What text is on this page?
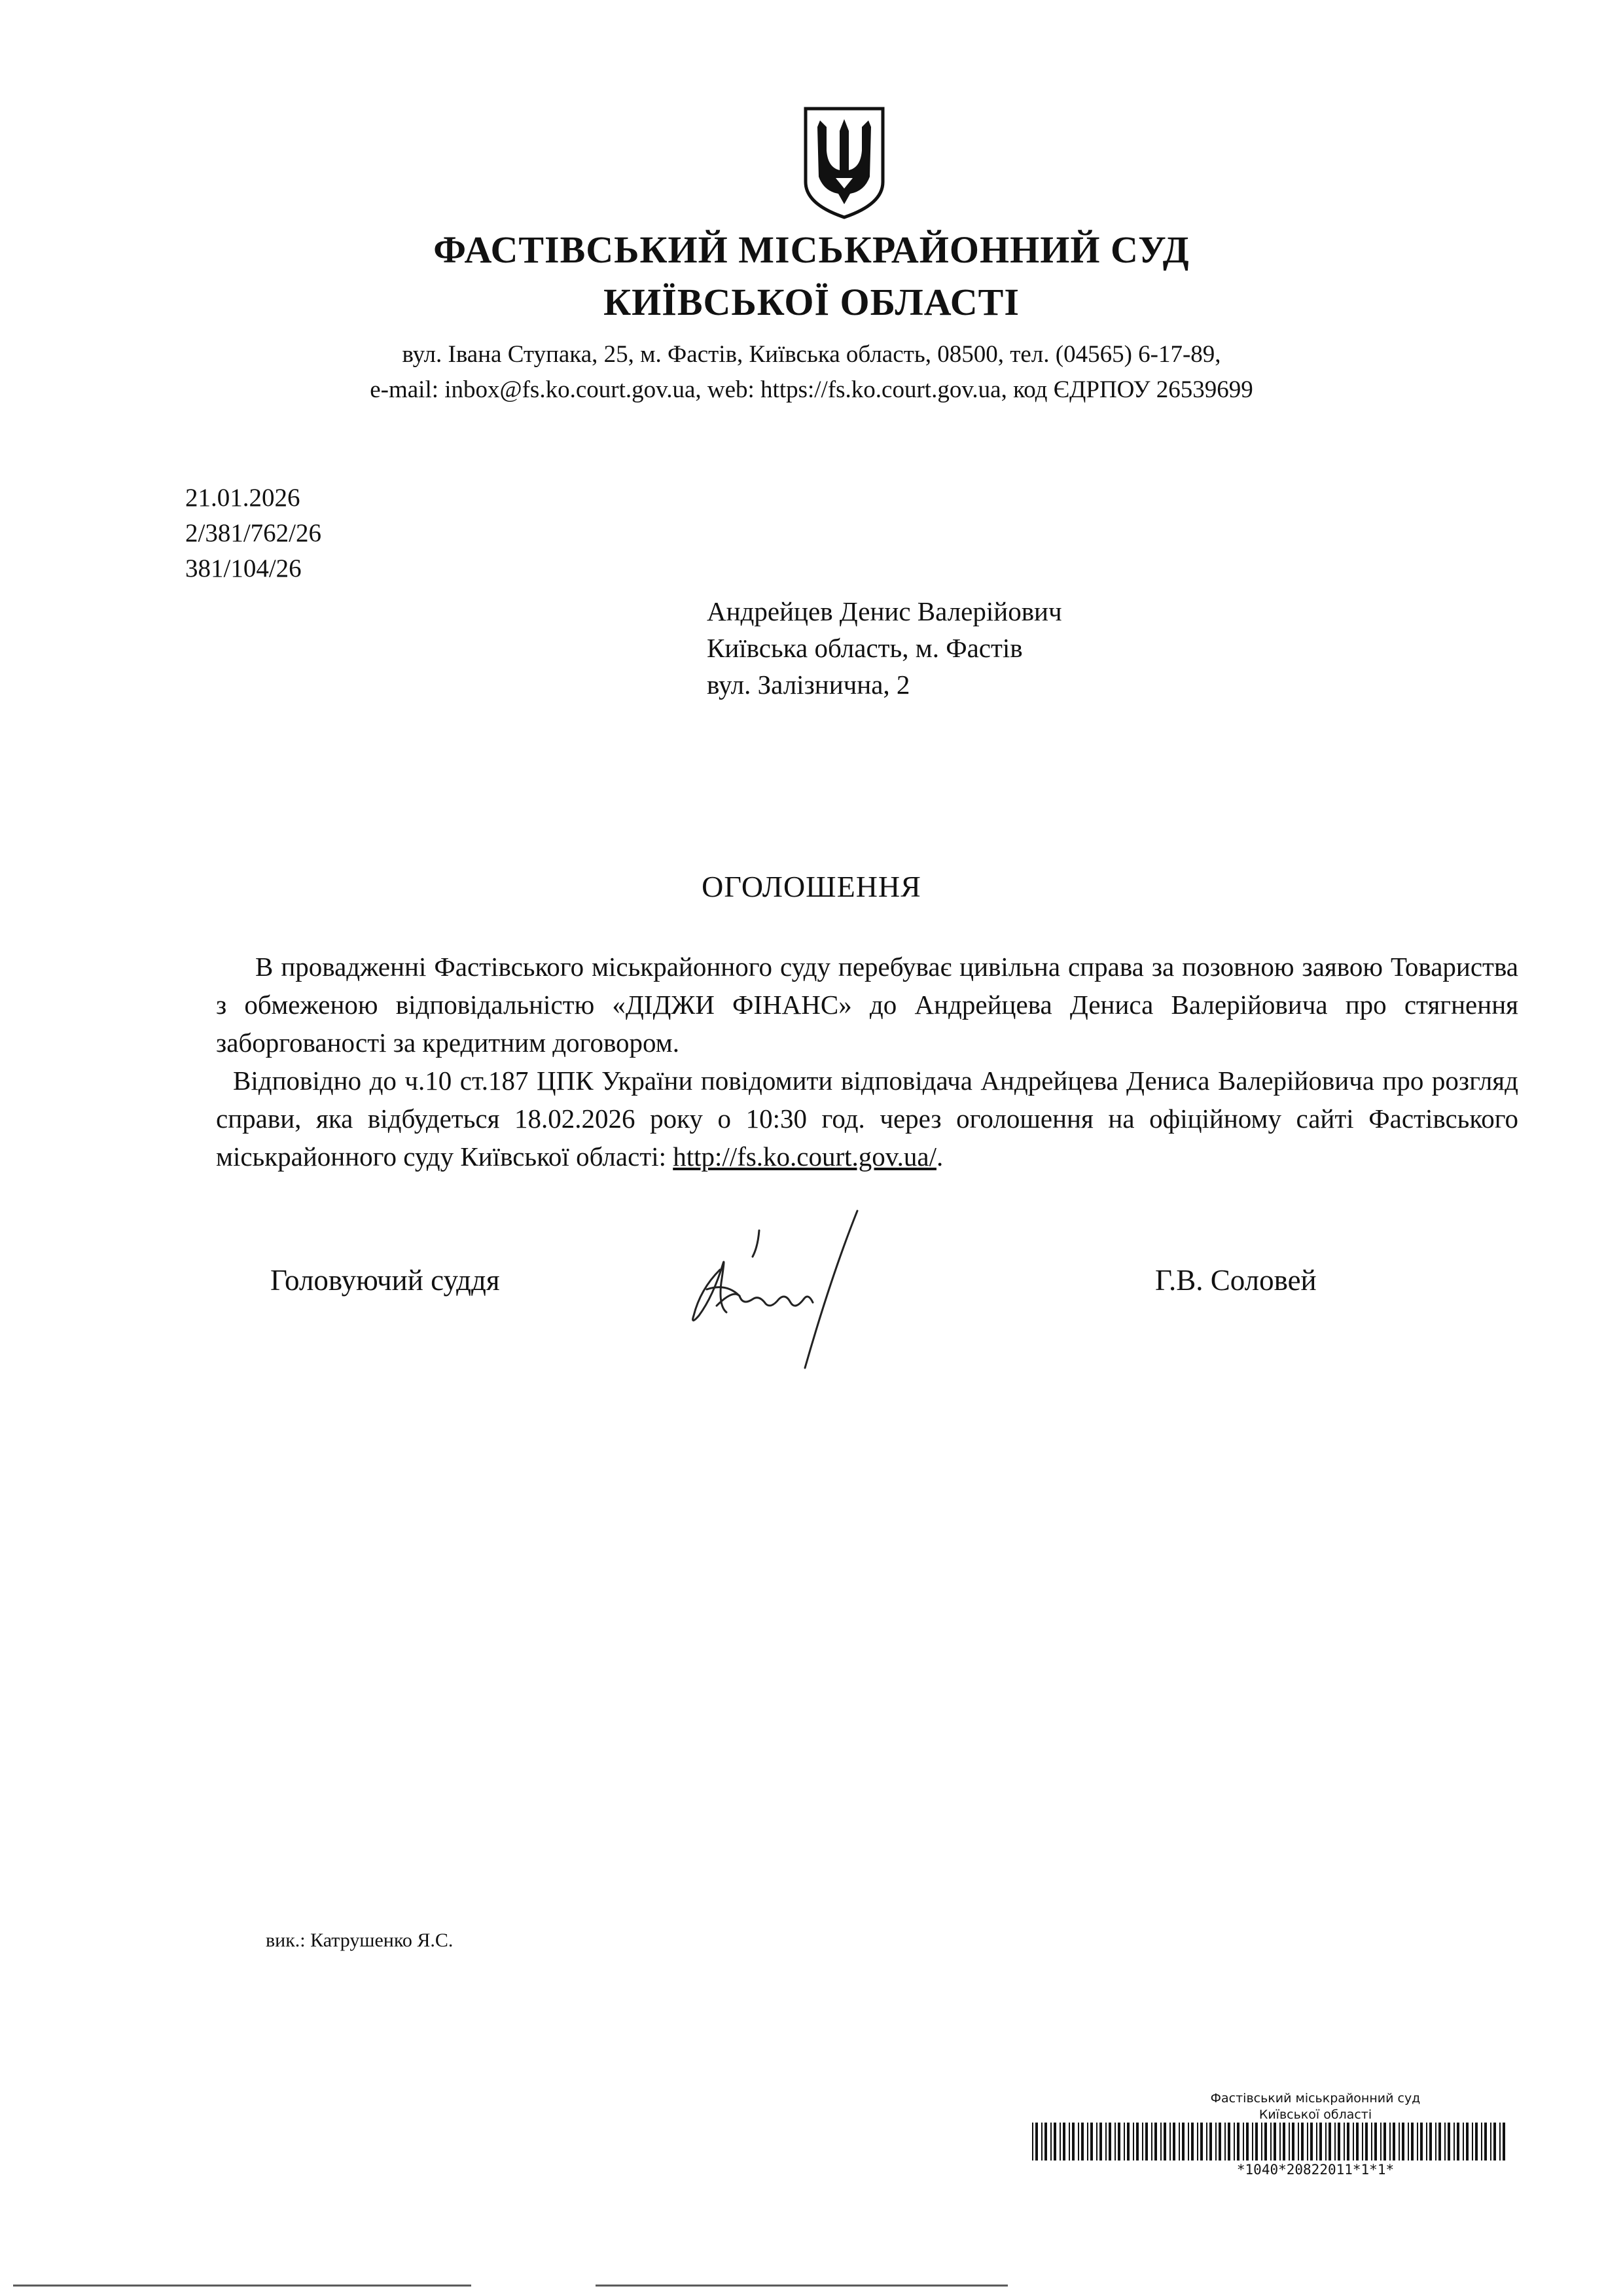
ФАСТІВСЬКИЙ МІСЬКРАЙОННИЙ СУД
КИЇВСЬКОЇ ОБЛАСТІ
вул. Івана Ступака, 25, м. Фастів, Київська область, 08500, тел. (04565) 6-17-89,
e-mail: inbox@fs.ko.court.gov.ua, web: https://fs.ko.court.gov.ua, код ЄДРПОУ 26539699
21.01.2026
2/381/762/26
381/104/26
Андрейцев Денис Валерійович
Київська область, м. Фастів
вул. Залізнична, 2
ОГОЛОШЕННЯ
В провадженні Фастівського міськрайонного суду перебуває цивільна справа за позовною заявою Товариства з обмеженою відповідальністю «ДІДЖИ ФІНАНС» до Андрейцева Дениса Валерійовича про стягнення заборгованості за кредитним договором.
Відповідно до ч.10 ст.187 ЦПК України повідомити відповідача Андрейцева Дениса Валерійовича про розгляд справи, яка відбудеться 18.02.2026 року о 10:30 год. через оголошення на офіційному сайті Фастівського міськрайонного суду Київської області: http://fs.ko.court.gov.ua/.
Головуючий суддя	Г.В. Соловей
вик.: Катрушенко Я.С.
Фастівський міськрайонний суд
Київської області
*1040*20822011*1*1*
